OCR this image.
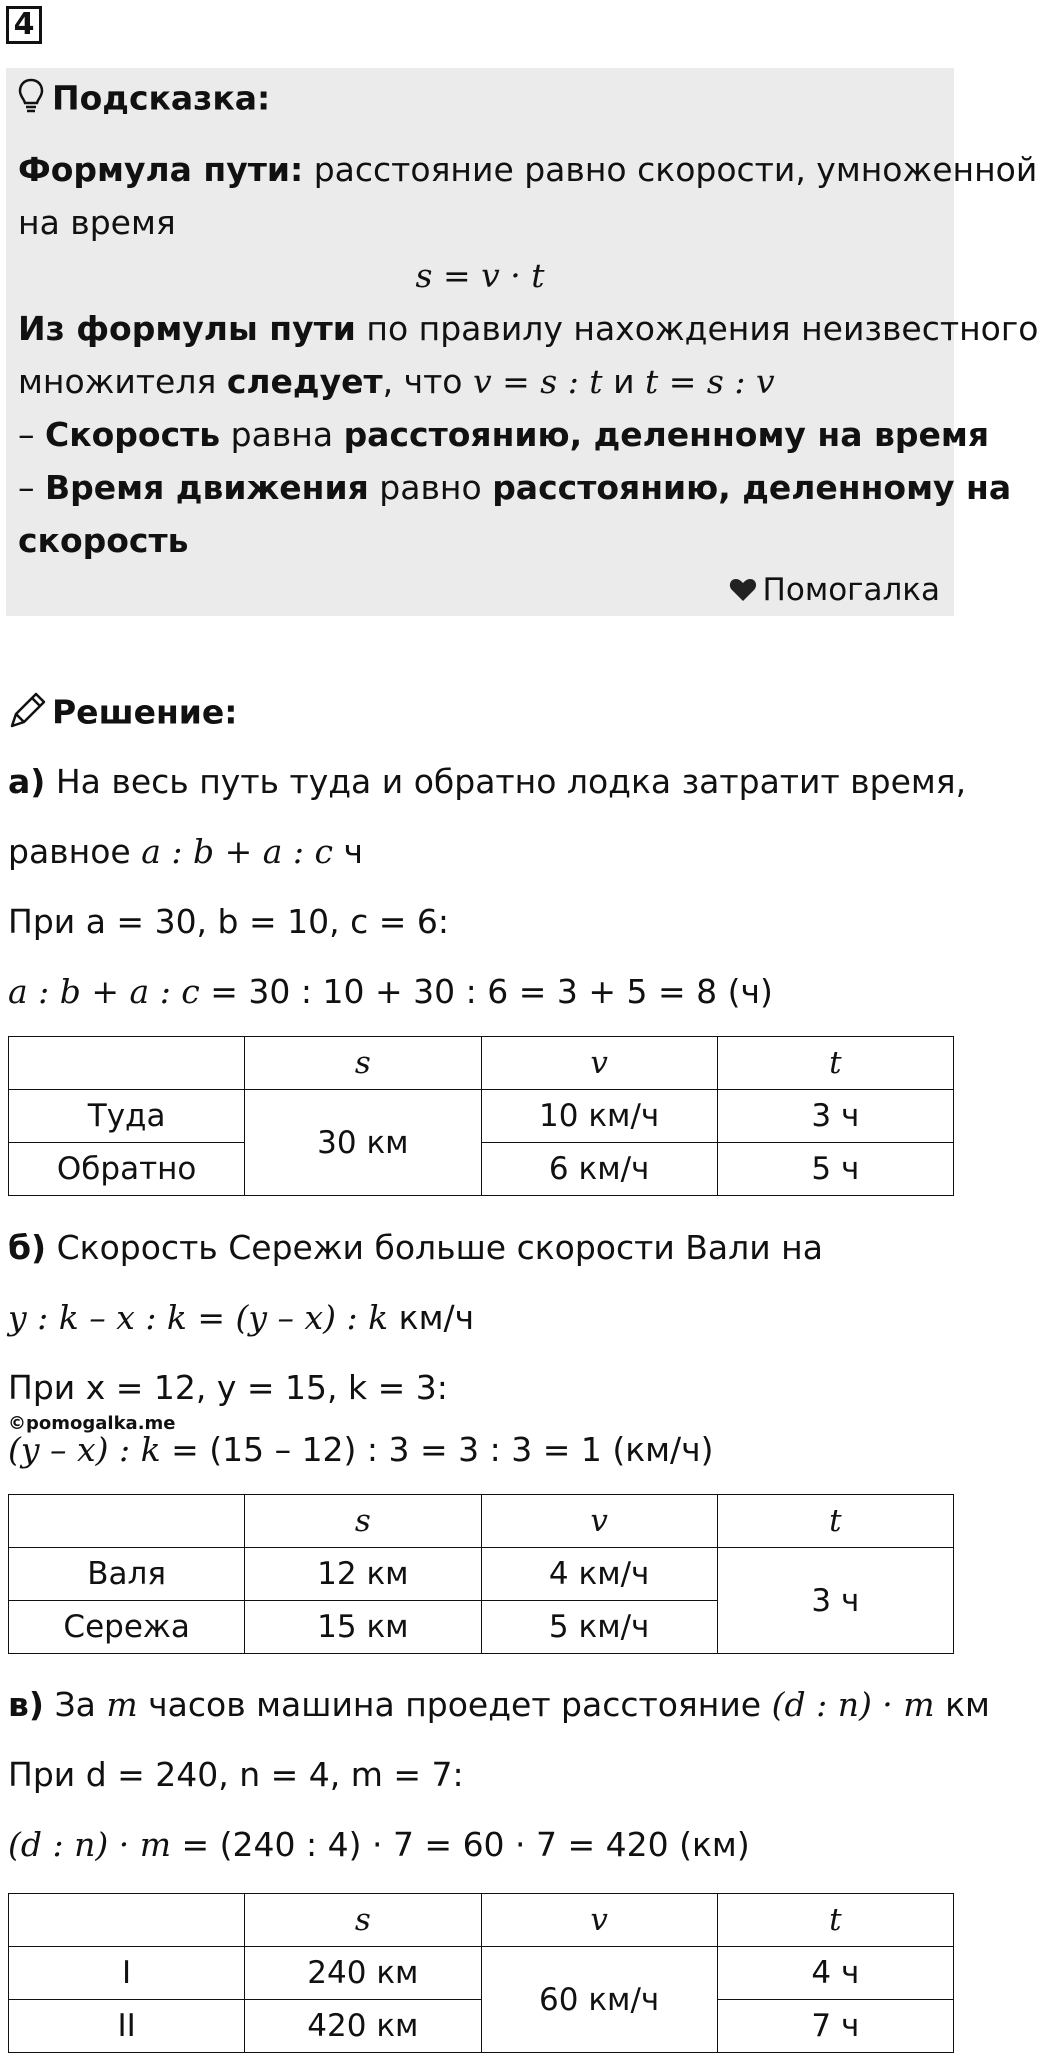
4
Подсказка:
Формула пути: расстояние равно скорости, умноженной
на время
s = v · t
Из формулы пути по правилу нахождения неизвестного
множителя следует, что v = s : t и t = s : v
– Скорость равна расстоянию, деленному на время
– Время движения равно расстоянию, деленному на
скорость
Помогалка
Решение:
а) На весь путь туда и обратно лодка затратит время,
равное a : b + a : c ч
При a = 30, b = 10, c = 6:
a : b + a : c = 30 : 10 + 30 : 6 = 3 + 5 = 8 (ч)
	s	v	t
Туда	30 км	10 км/ч	3 ч
Обратно		6 км/ч	5 ч
б) Скорость Сережи больше скорости Вали на
y : k – x : k = (y – x) : k км/ч
При x = 12, y = 15, k = 3:
©pomogalka.me
(y – x) : k = (15 – 12) : 3 = 3 : 3 = 1 (км/ч)
	s	v	t
Валя	12 км	4 км/ч	3 ч
Сережа	15 км	5 км/ч	
в) За m часов машина проедет расстояние (d : n) · m км
При d = 240, n = 4, m = 7:
(d : n) · m = (240 : 4) · 7 = 60 · 7 = 420 (км)
	s	v	t
I	240 км	60 км/ч	4 ч
II	420 км		7 ч
